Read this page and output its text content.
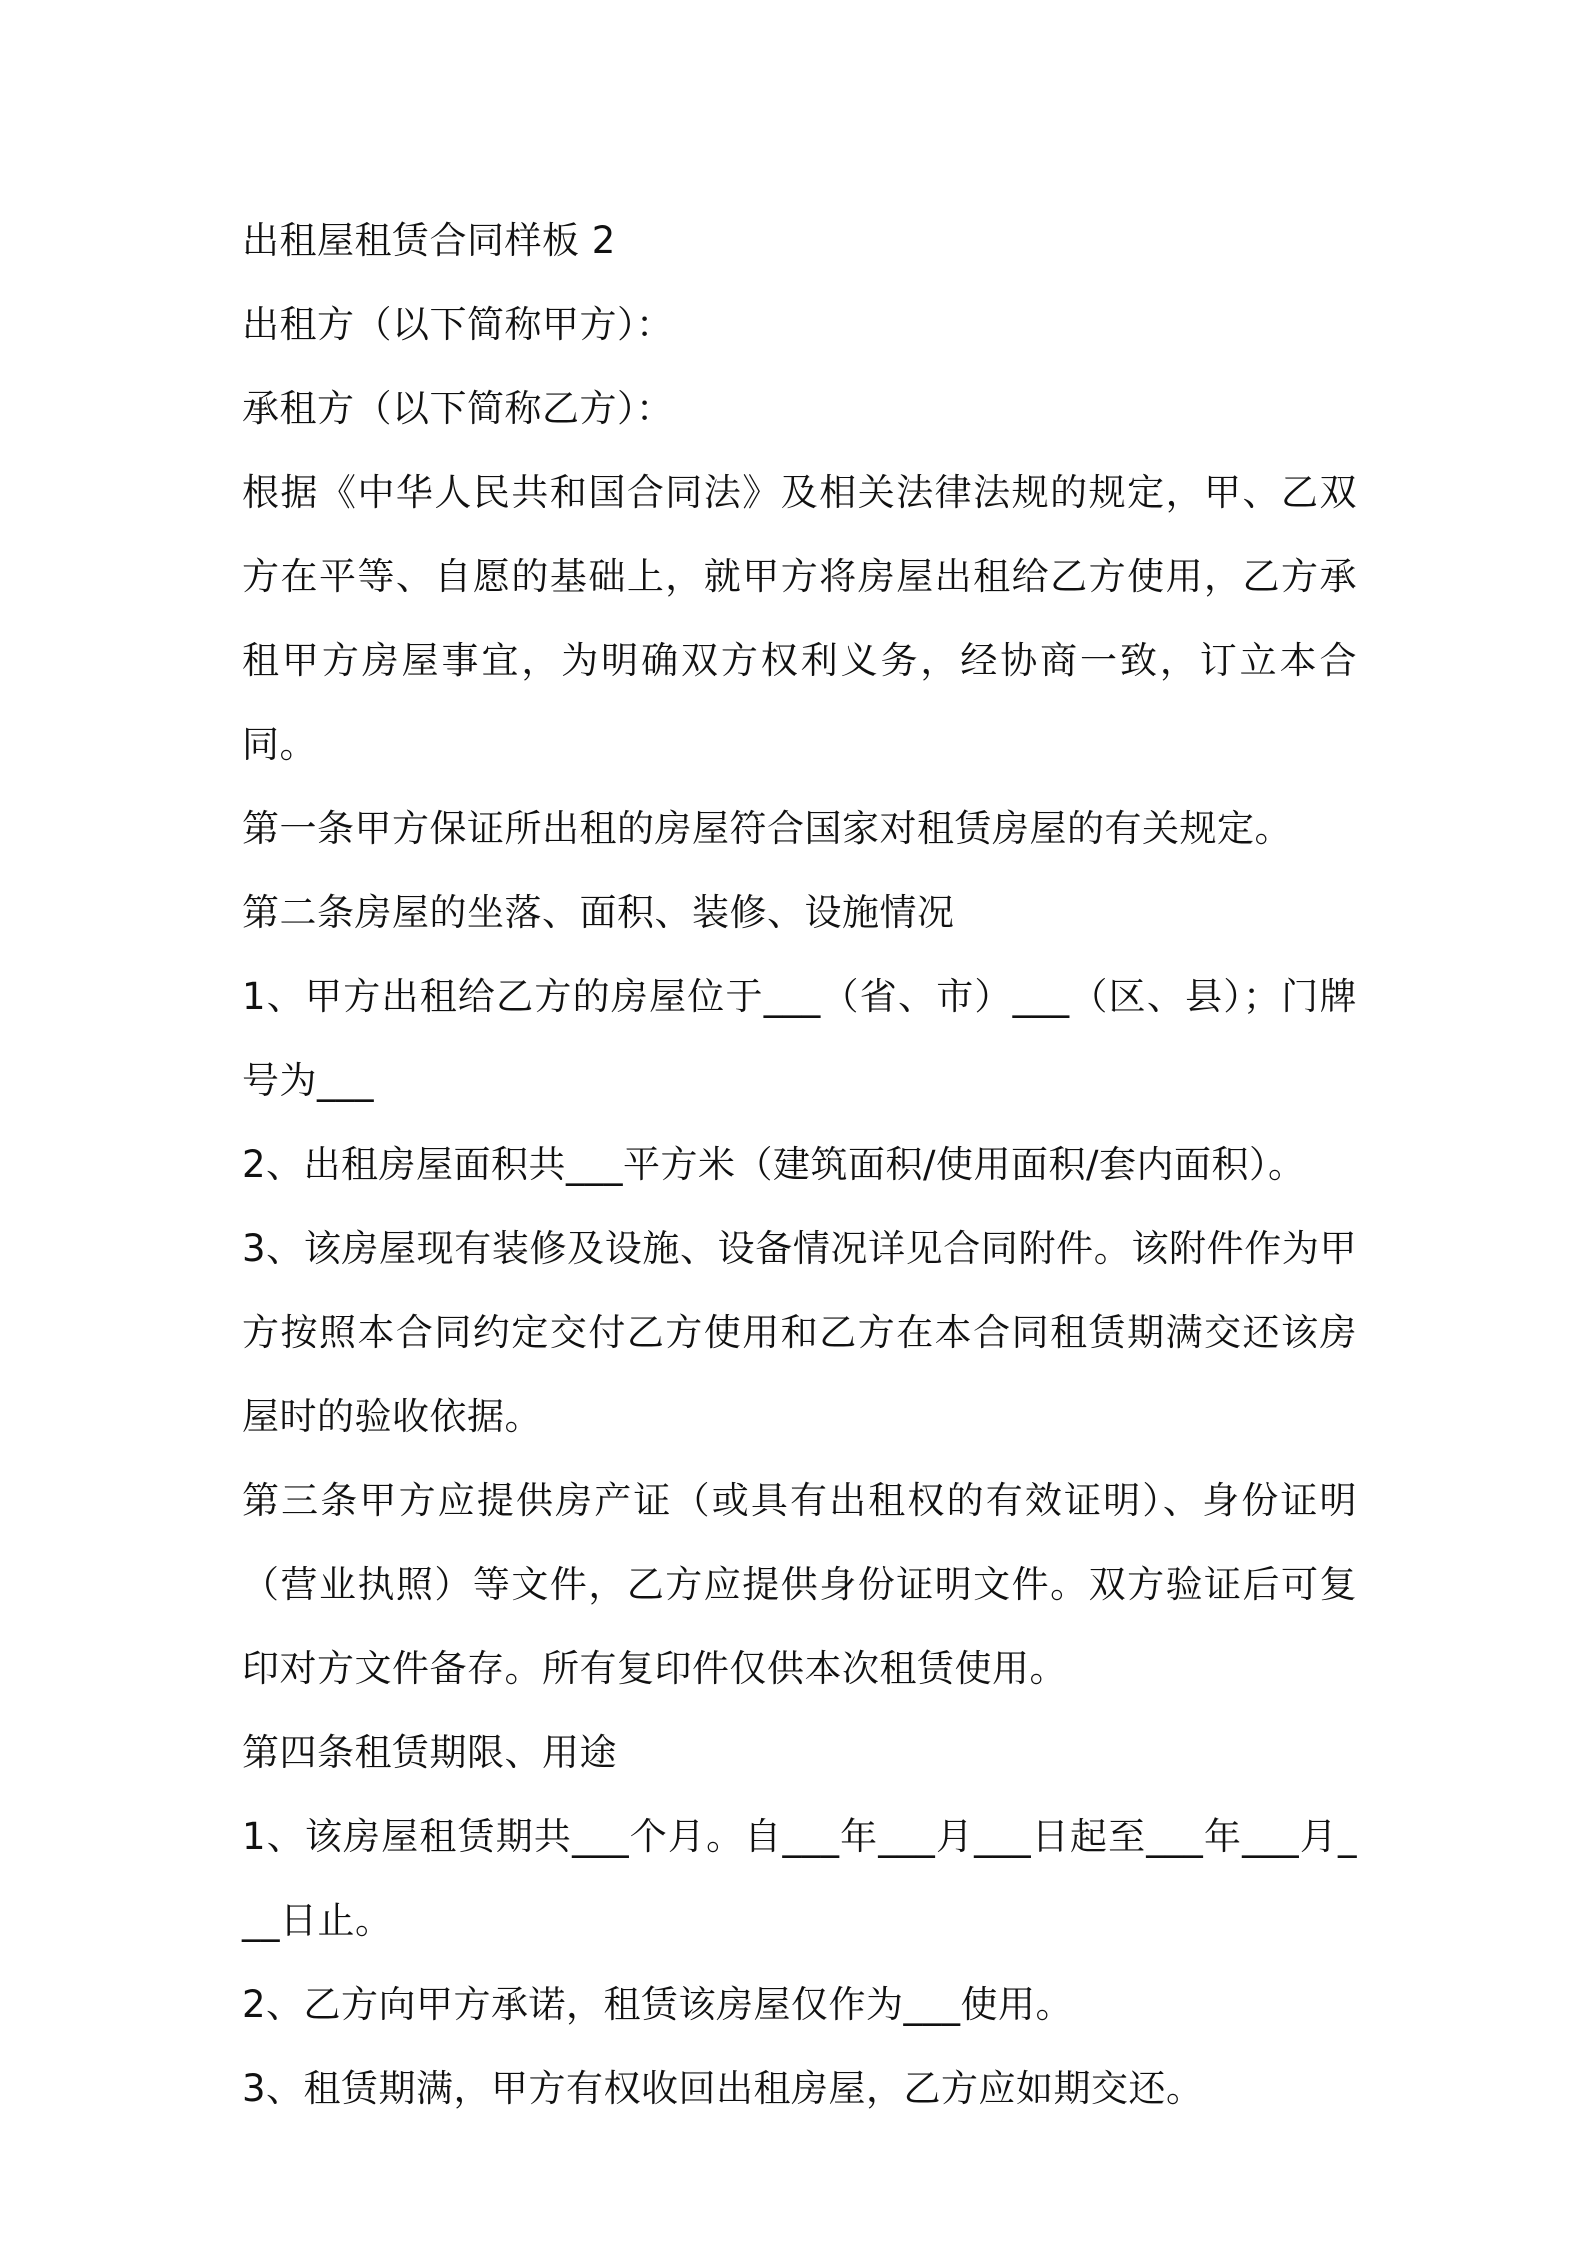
出租屋租赁合同样板 2

出租方（以下简称甲方）：

承租方（以下简称乙方）：

根据《中华人民共和国合同法》及相关法律法规的规定，甲、乙双方在平等、自愿的基础上，就甲方将房屋出租给乙方使用，乙方承租甲方房屋事宜，为明确双方权利义务，经协商一致，订立本合同。

第一条甲方保证所出租的房屋符合国家对租赁房屋的有关规定。

第二条房屋的坐落、面积、装修、设施情况

1、甲方出租给乙方的房屋位于___（省、市）___（区、县）；门牌号为___

2、出租房屋面积共___平方米（建筑面积/使用面积/套内面积）。

3、该房屋现有装修及设施、设备情况详见合同附件。该附件作为甲方按照本合同约定交付乙方使用和乙方在本合同租赁期满交还该房屋时的验收依据。

第三条甲方应提供房产证（或具有出租权的有效证明）、身份证明（营业执照）等文件，乙方应提供身份证明文件。双方验证后可复印对方文件备存。所有复印件仅供本次租赁使用。

第四条租赁期限、用途

1、该房屋租赁期共___个月。自___年___月___日起至___年___月___日止。

2、乙方向甲方承诺，租赁该房屋仅作为___使用。

3、租赁期满，甲方有权收回出租房屋，乙方应如期交还。
